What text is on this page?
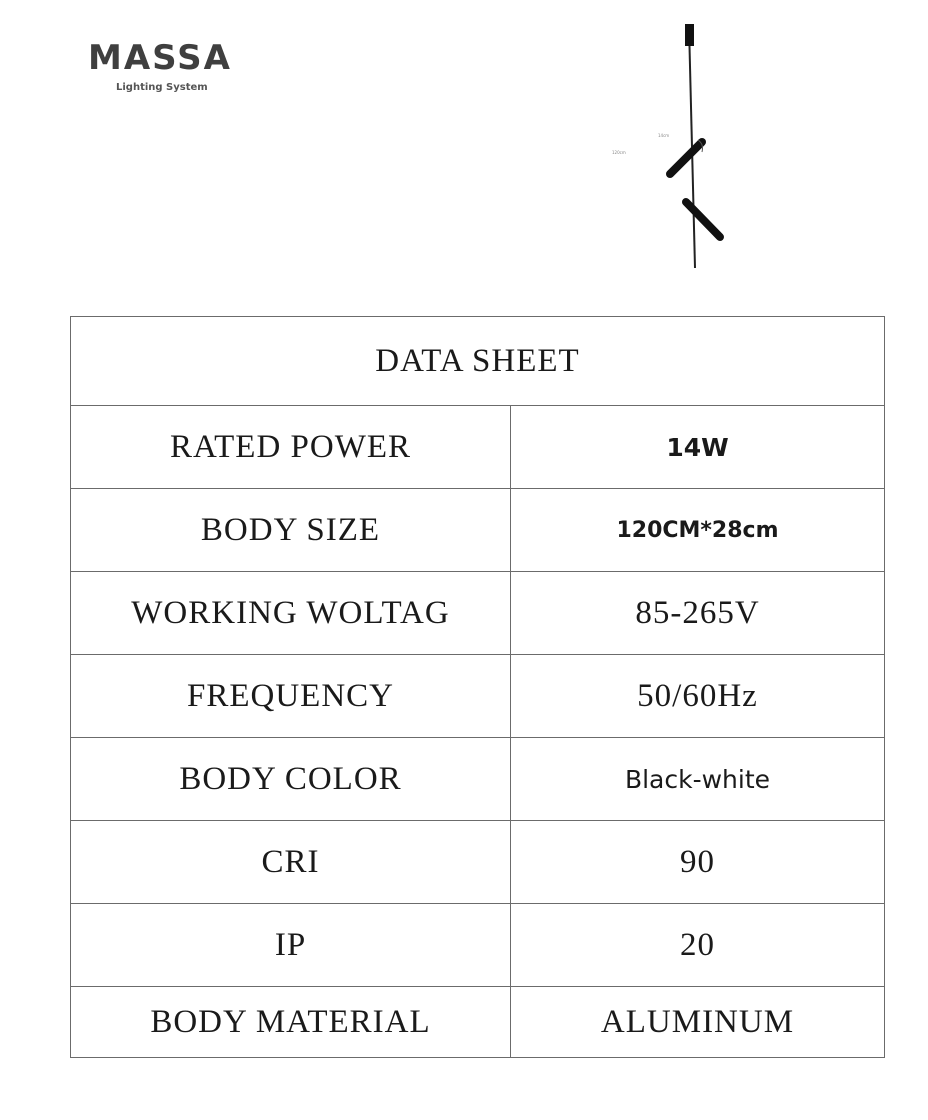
MASSA
Lighting System
14cm
120cm
DATA SHEET	
RATED POWER	14W
BODY SIZE	120CM*28cm
WORKING WOLTAG	85-265V
FREQUENCY	50/60Hz
BODY COLOR	Black-white
CRI	90
IP	20
BODY MATERIAL	ALUMINUM
